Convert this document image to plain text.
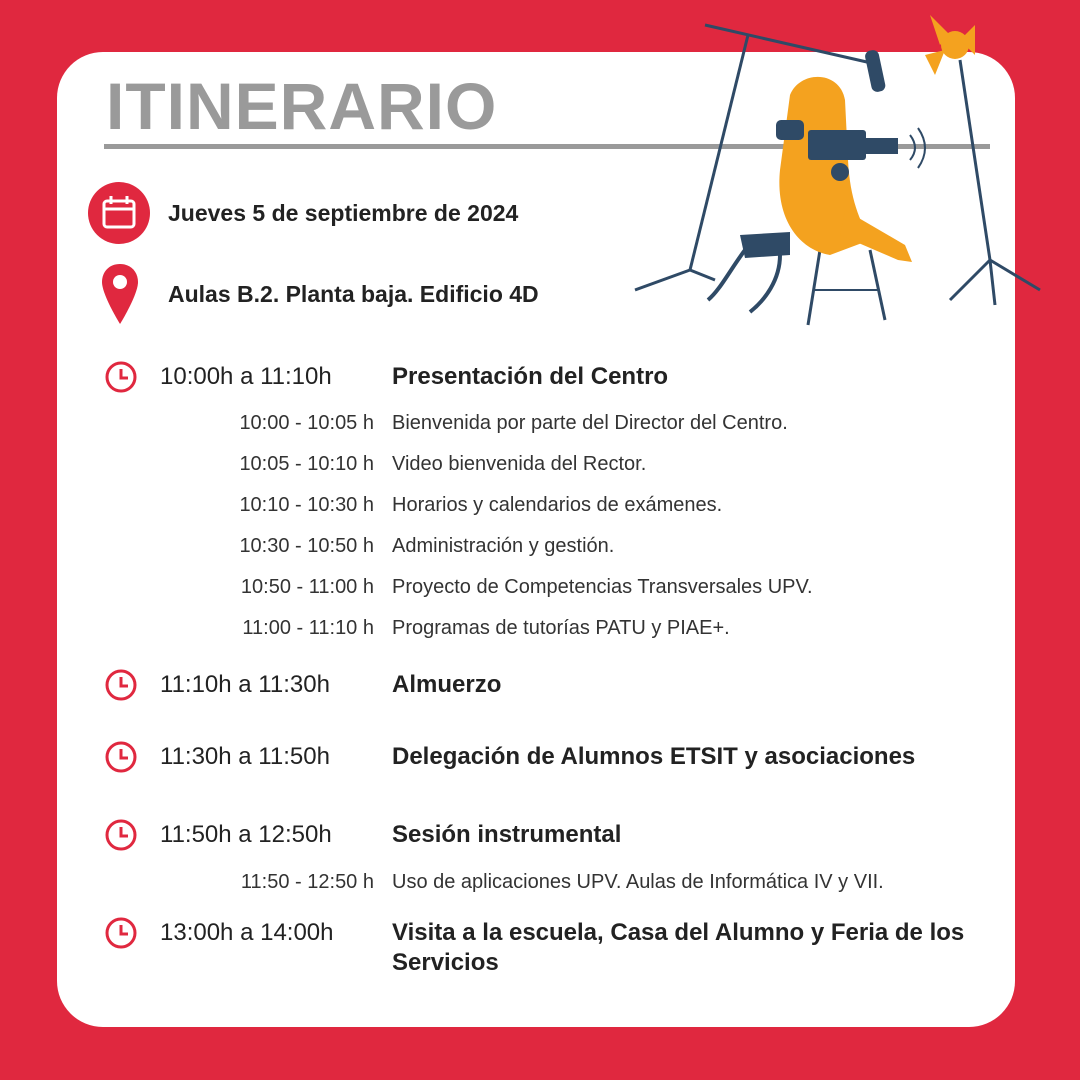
ITINERARIO
Jueves 5 de septiembre de 2024
Aulas B.2. Planta baja. Edificio 4D
10:00h a 11:10h	Presentación del Centro
10:00 - 10:05 h Bienvenida por parte del Director del Centro.
10:05 - 10:10 h Video bienvenida del Rector.
10:10 - 10:30 h Horarios y calendarios de exámenes.
10:30 - 10:50 h Administración y gestión.
10:50 - 11:00 h Proyecto de Competencias Transversales UPV.
11:00 - 11:10 h Programas de tutorías PATU y PIAE+.
11:10h a 11:30h	Almuerzo
11:30h a 11:50h	Delegación de Alumnos ETSIT y asociaciones
11:50h a 12:50h	Sesión instrumental
11:50 - 12:50 h Uso de aplicaciones UPV. Aulas de Informática IV y VII.
13:00h a 14:00h	Visita a la escuela, Casa del Alumno y Feria de los Servicios
